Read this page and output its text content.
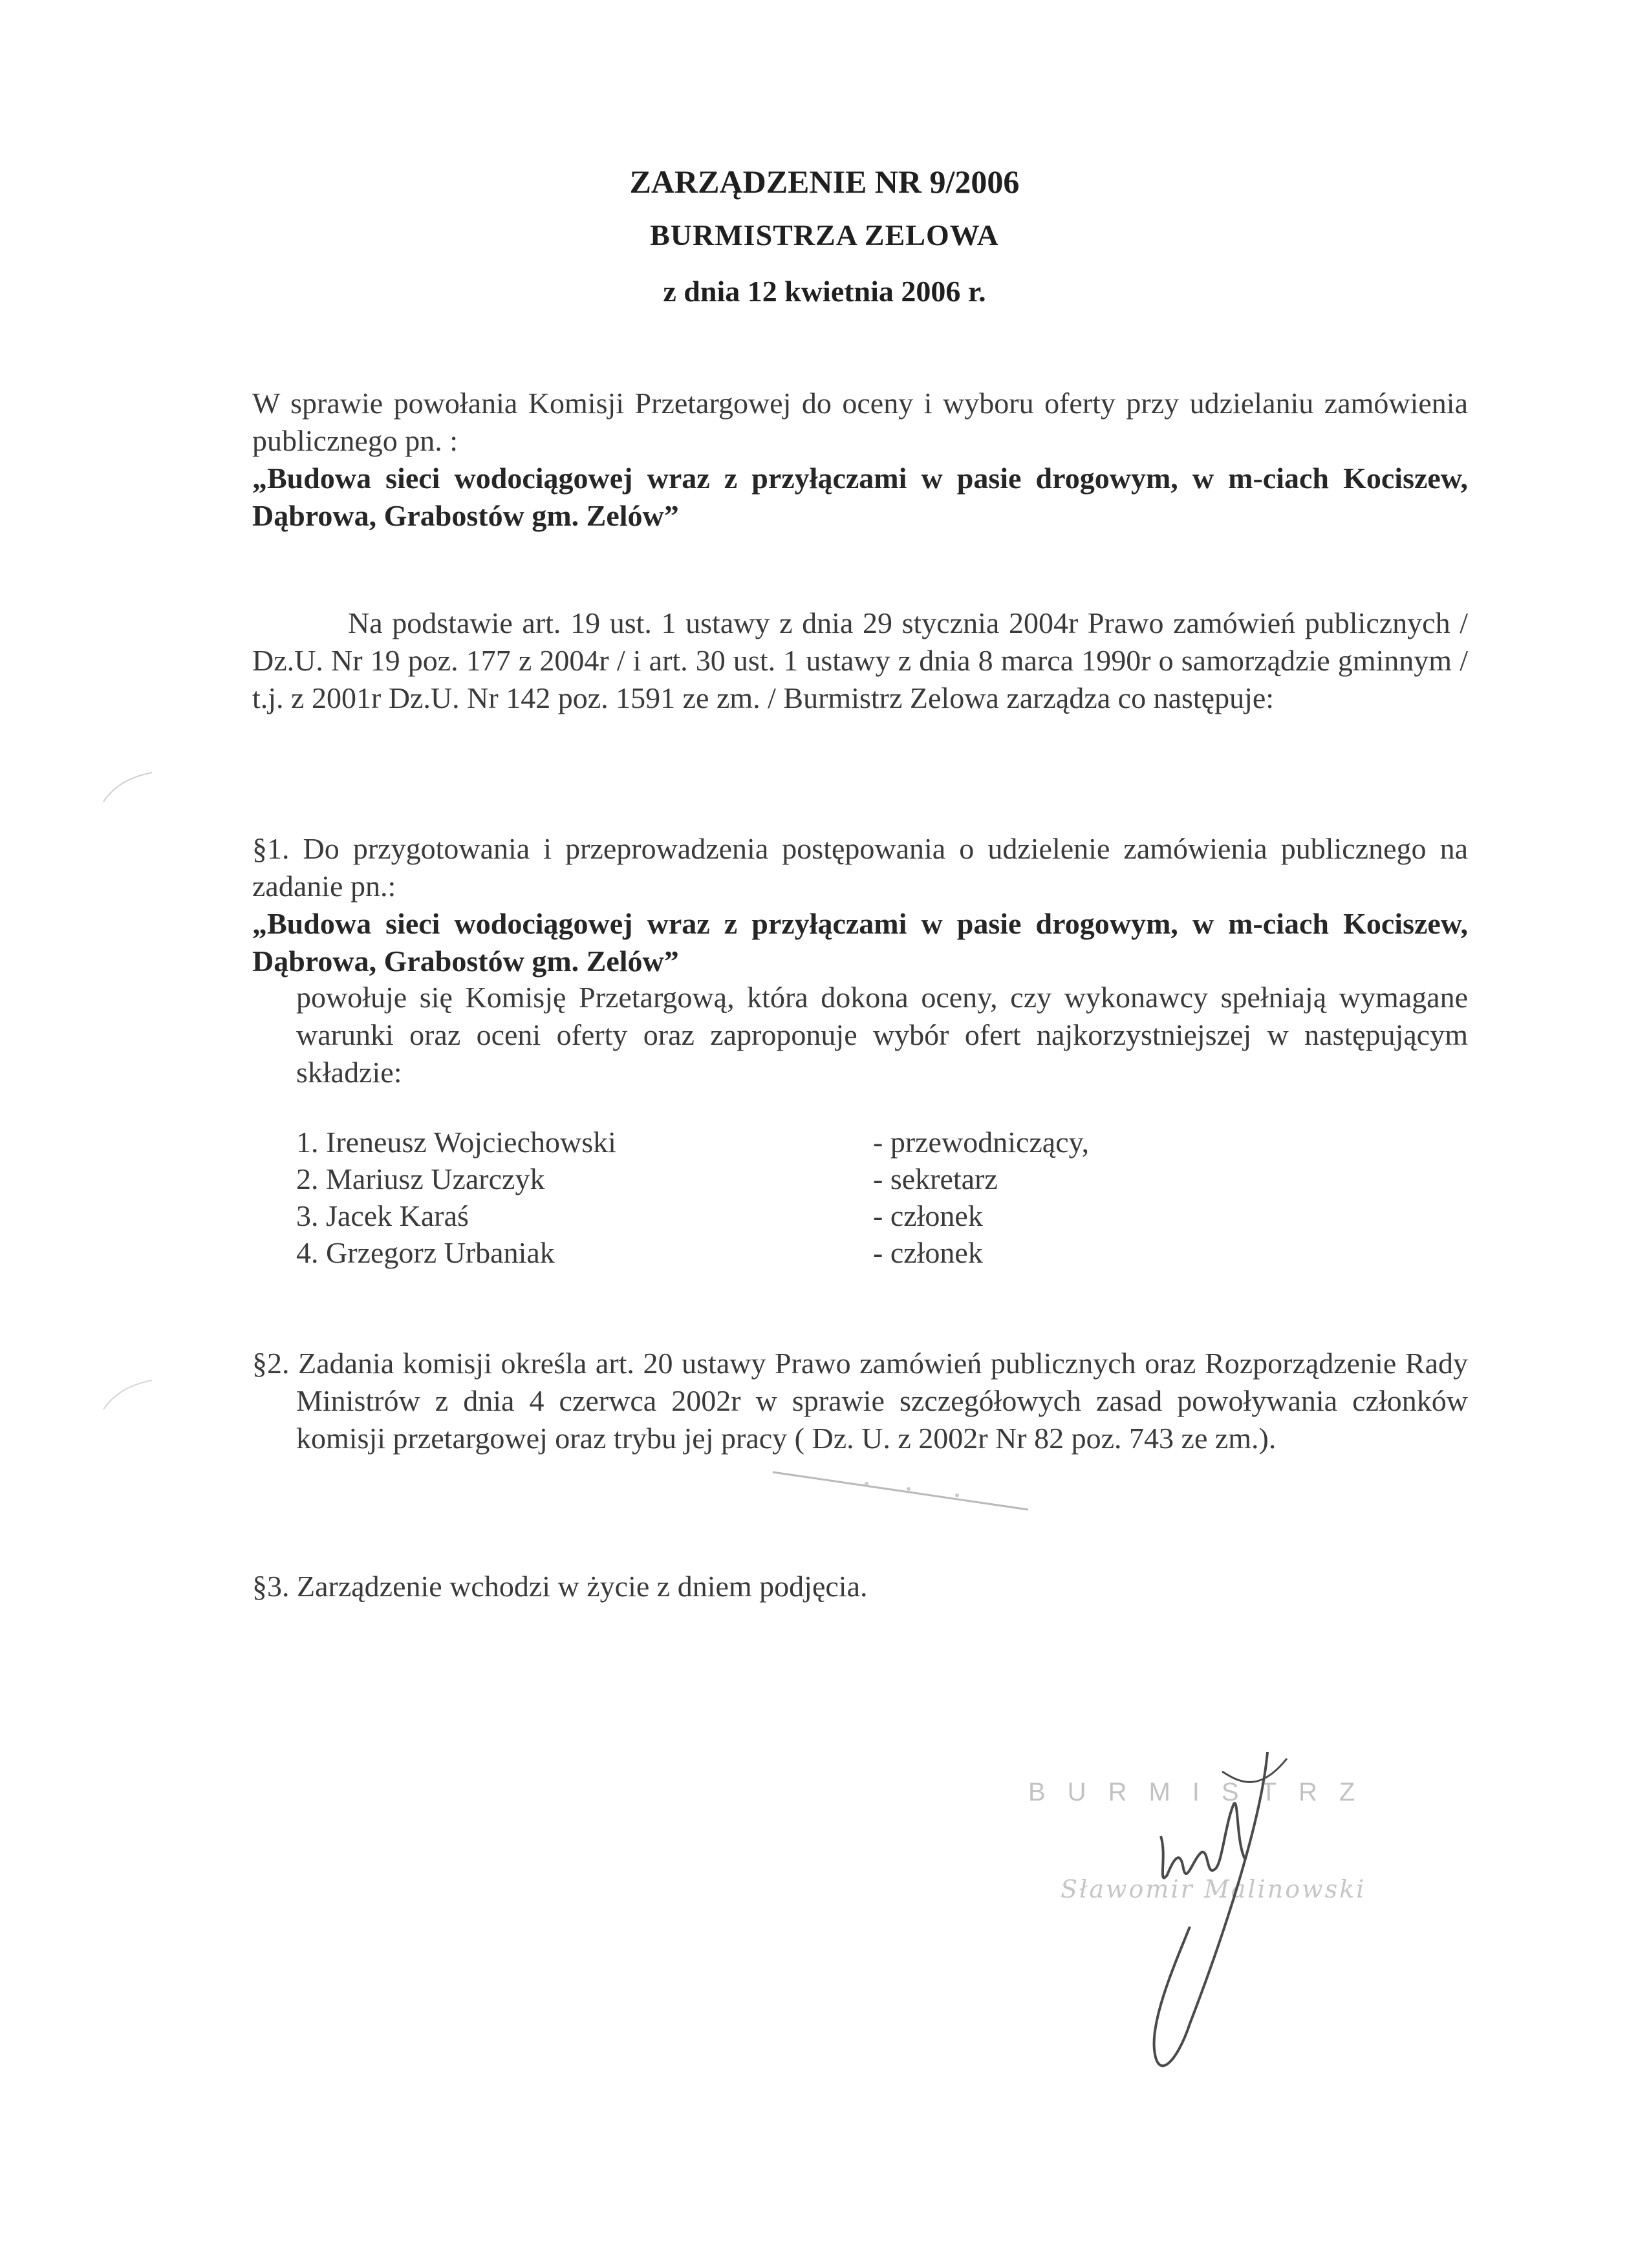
ZARZĄDZENIE NR 9/2006
BURMISTRZA ZELOWA
z dnia 12 kwietnia 2006 r.
W sprawie powołania Komisji Przetargowej do oceny i wyboru oferty przy udzielaniu zamówienia publicznego pn. :
„Budowa sieci wodociągowej wraz z przyłączami w pasie drogowym, w m-ciach Kociszew, Dąbrowa, Grabostów gm. Zelów”
Na podstawie art. 19 ust. 1 ustawy z dnia 29 stycznia 2004r Prawo zamówień publicznych / Dz.U. Nr 19 poz. 177 z 2004r / i art. 30 ust. 1 ustawy z dnia 8 marca 1990r o samorządzie gminnym / t.j. z 2001r Dz.U. Nr 142 poz. 1591 ze zm. / Burmistrz Zelowa zarządza co następuje:
§1. Do przygotowania i przeprowadzenia postępowania o udzielenie zamówienia publicznego na zadanie pn.:
„Budowa sieci wodociągowej wraz z przyłączami w pasie drogowym, w m-ciach Kociszew, Dąbrowa, Grabostów gm. Zelów”
powołuje się Komisję Przetargową, która dokona oceny, czy wykonawcy spełniają wymagane warunki oraz oceni oferty oraz zaproponuje wybór ofert najkorzystniejszej w następującym składzie:
1. Ireneusz Wojciechowski	- przewodniczący,
2. Mariusz Uzarczyk	- sekretarz
3. Jacek Karaś	- członek
4. Grzegorz Urbaniak	- członek
§2. Zadania komisji określa art. 20 ustawy Prawo zamówień publicznych oraz Rozporządzenie Rady Ministrów z dnia 4 czerwca 2002r w sprawie szczegółowych zasad powoływania członków komisji przetargowej oraz trybu jej pracy ( Dz. U. z 2002r Nr 82 poz. 743 ze zm.).
§3. Zarządzenie wchodzi w życie z dniem podjęcia.
BURMISTRZ
Sławomir Malinowski
